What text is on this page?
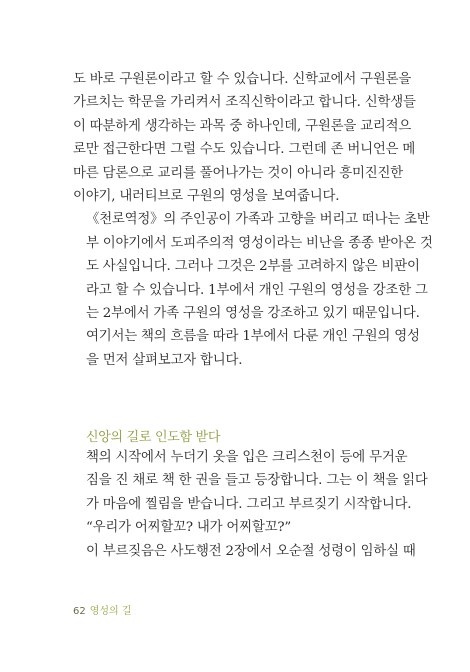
도 바로 구원론이라고 할 수 있습니다. 신학교에서 구원론을
가르치는 학문을 가리켜서 조직신학이라고 합니다. 신학생들
이 따분하게 생각하는 과목 중 하나인데, 구원론을 교리적으
로만 접근한다면 그럴 수도 있습니다. 그런데 존 버니언은 메
마른 담론으로 교리를 풀어나가는 것이 아니라 흥미진진한
이야기, 내러티브로 구원의 영성을 보여줍니다.
《천로역정》의 주인공이 가족과 고향을 버리고 떠나는 초반
부 이야기에서 도피주의적 영성이라는 비난을 종종 받아온 것
도 사실입니다. 그러나 그것은 2부를 고려하지 않은 비판이
라고 할 수 있습니다. 1부에서 개인 구원의 영성을 강조한 그
는 2부에서 가족 구원의 영성을 강조하고 있기 때문입니다.
여기서는 책의 흐름을 따라 1부에서 다룬 개인 구원의 영성
을 먼저 살펴보고자 합니다.
신앙의 길로 인도함 받다
책의 시작에서 누더기 옷을 입은 크리스천이 등에 무거운
짐을 진 채로 책 한 권을 들고 등장합니다. 그는 이 책을 읽다
가 마음에 찔림을 받습니다. 그리고 부르짖기 시작합니다.
“우리가 어찌할꼬? 내가 어찌할꼬?”
이 부르짖음은 사도행전 2장에서 오순절 성령이 임하실 때
62 영성의 길
